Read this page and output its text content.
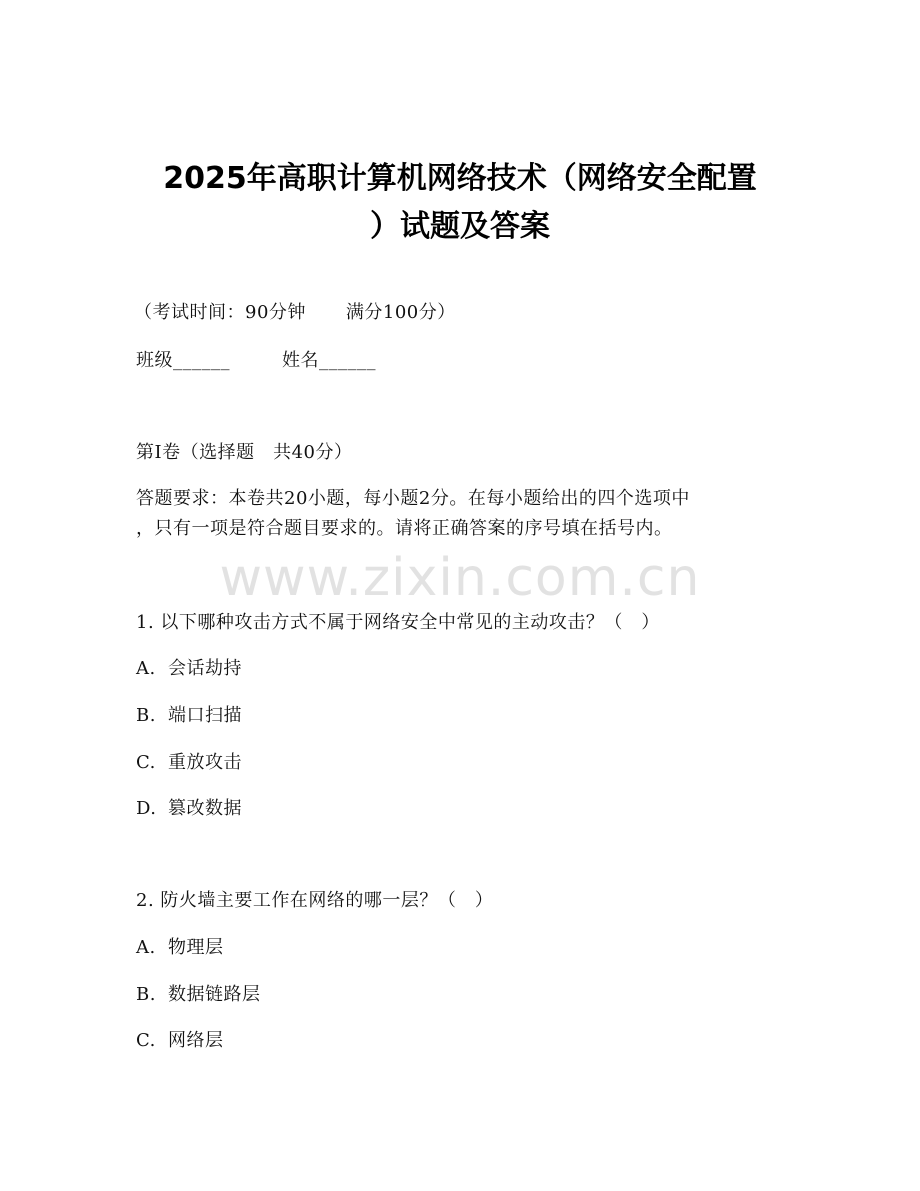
2025年高职计算机网络技术（网络安全配置
）试题及答案
（考试时间：90分钟 满分100分）
班级______	姓名______
第I卷（选择题　共40分）
答题要求：本卷共20小题，每小题2分。在每小题给出的四个选项中
，只有一项是符合题目要求的。请将正确答案的序号填在括号内。
www.zixin.com.cn
1. 以下哪种攻击方式不属于网络安全中常见的主动攻击？（　）
A. 会话劫持
B. 端口扫描
C. 重放攻击
D. 篡改数据
2. 防火墙主要工作在网络的哪一层？（　）
A. 物理层
B. 数据链路层
C. 网络层
